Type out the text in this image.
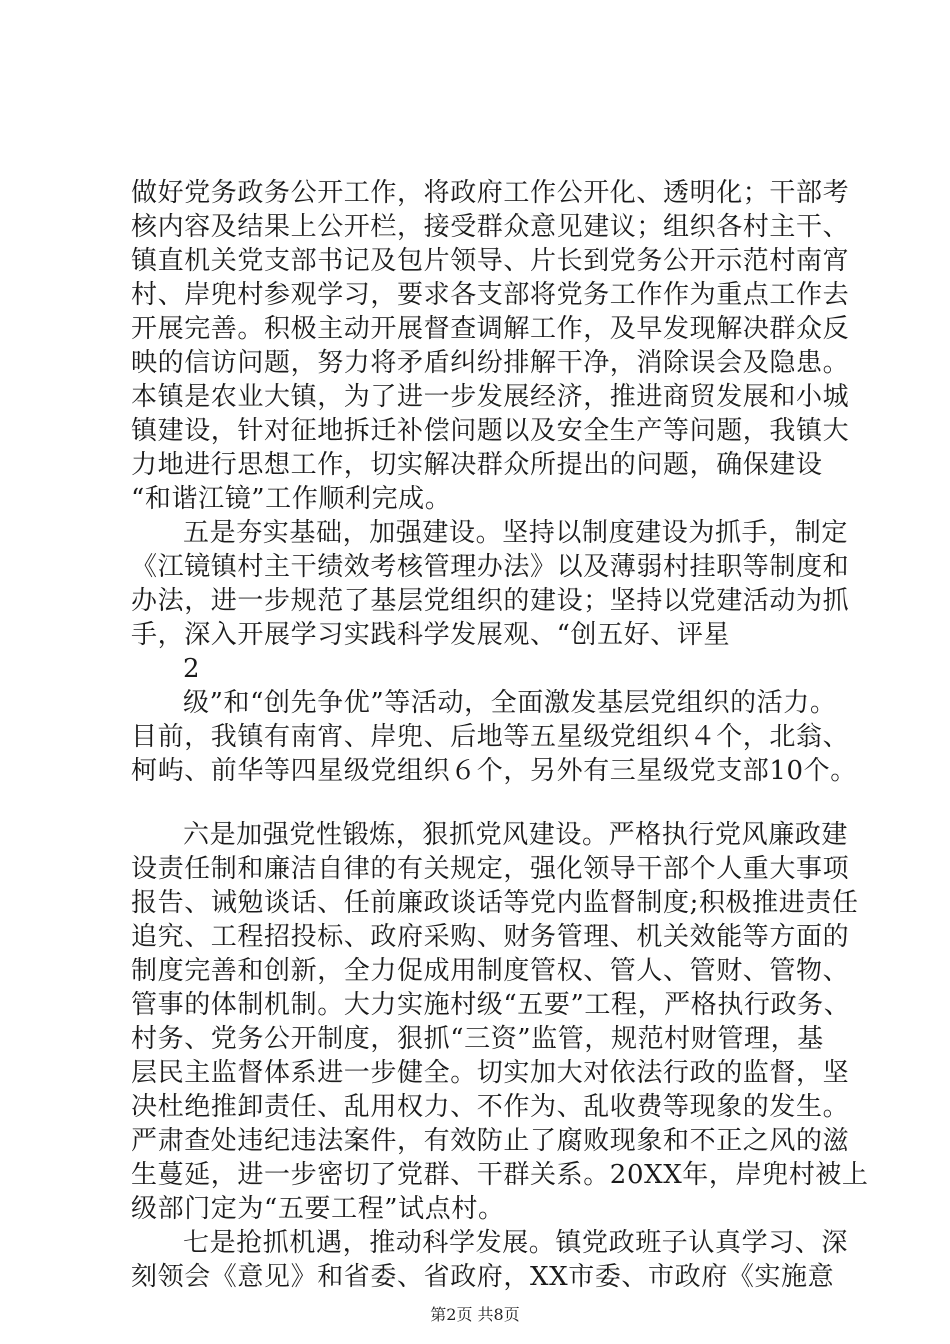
做好党务政务公开工作，将政府工作公开化、透明化；干部考
核内容及结果上公开栏，接受群众意见建议；组织各村主干、
镇直机关党支部书记及包片领导、片长到党务公开示范村南宵
村、岸兜村参观学习，要求各支部将党务工作作为重点工作去
开展完善。积极主动开展督查调解工作，及早发现解决群众反
映的信访问题，努力将矛盾纠纷排解干净，消除误会及隐患。
本镇是农业大镇，为了进一步发展经济，推进商贸发展和小城
镇建设，针对征地拆迁补偿问题以及安全生产等问题，我镇大
力地进行思想工作，切实解决群众所提出的问题，确保建设
“和谐江镜”工作顺利完成。
五是夯实基础，加强建设。坚持以制度建设为抓手，制定
《江镜镇村主干绩效考核管理办法》以及薄弱村挂职等制度和
办法，进一步规范了基层党组织的建设；坚持以党建活动为抓
手，深入开展学习实践科学发展观、“创五好、评星
2
级”和“创先争优”等活动，全面激发基层党组织的活力。
目前，我镇有南宵、岸兜、后地等五星级党组织４个，北翁、
柯屿、前华等四星级党组织６个，另外有三星级党支部10个。
六是加强党性锻炼，狠抓党风建设。严格执行党风廉政建
设责任制和廉洁自律的有关规定，强化领导干部个人重大事项
报告、诫勉谈话、任前廉政谈话等党内监督制度;积极推进责任
追究、工程招投标、政府采购、财务管理、机关效能等方面的
制度完善和创新，全力促成用制度管权、管人、管财、管物、
管事的体制机制。大力实施村级“五要”工程，严格执行政务、
村务、党务公开制度，狠抓“三资”监管，规范村财管理，基
层民主监督体系进一步健全。切实加大对依法行政的监督，坚
决杜绝推卸责任、乱用权力、不作为、乱收费等现象的发生。
严肃查处违纪违法案件，有效防止了腐败现象和不正之风的滋
生蔓延，进一步密切了党群、干群关系。20XX年，岸兜村被上
级部门定为“五要工程”试点村。
七是抢抓机遇，推动科学发展。镇党政班子认真学习、深
刻领会《意见》和省委、省政府，XX市委、市政府《实施意
第2页 共8页
